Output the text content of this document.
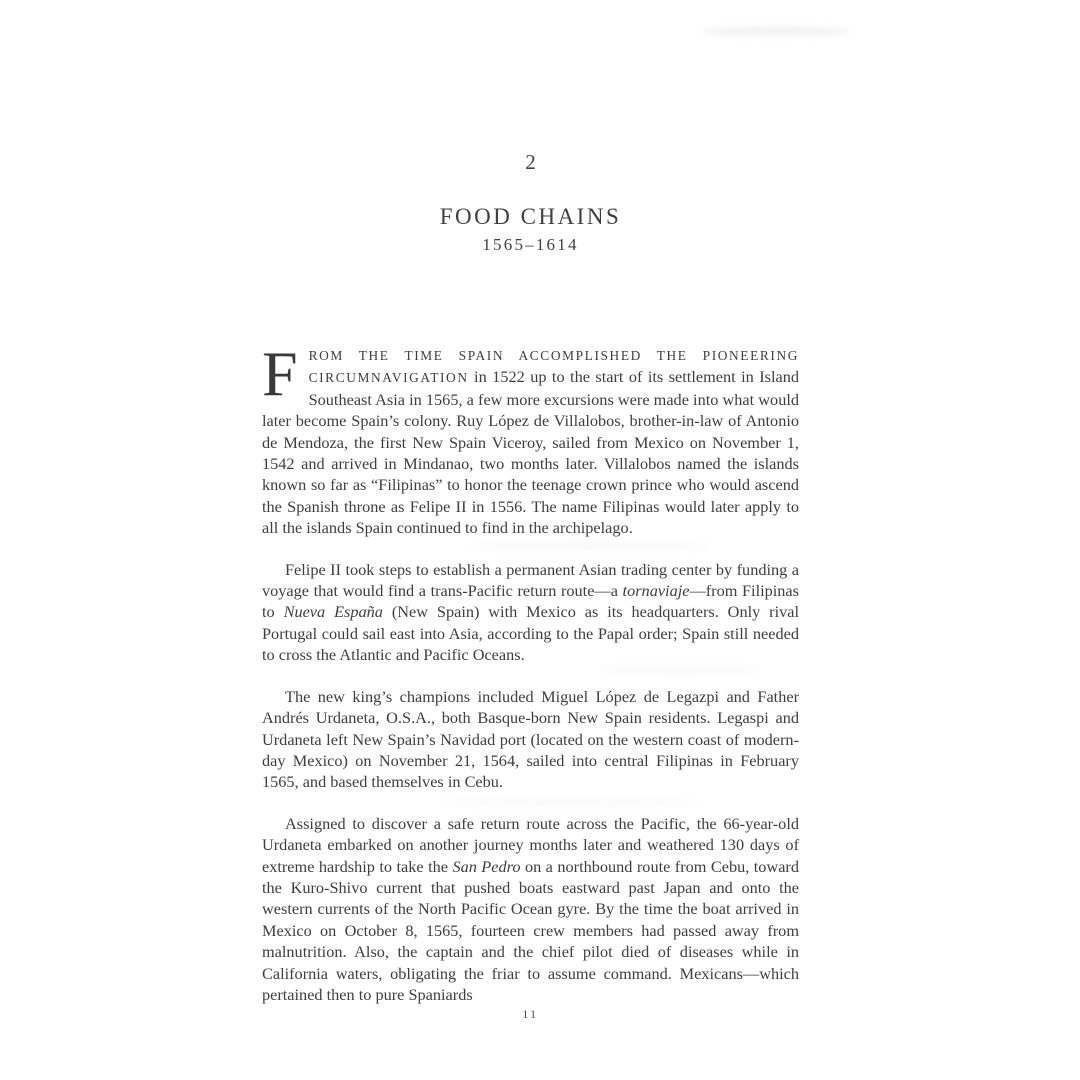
2
FOOD CHAINS
1565–1614

FROM THE TIME SPAIN ACCOMPLISHED THE PIONEERING CIRCUMNAVIGATION in 1522 up to the start of its settlement in Island Southeast Asia in 1565, a few more excursions were made into what would later become Spain’s colony. Ruy López de Villalobos, brother-in-law of Antonio de Mendoza, the first New Spain Viceroy, sailed from Mexico on November 1, 1542 and arrived in Mindanao, two months later. Villalobos named the islands known so far as “Filipinas” to honor the teenage crown prince who would ascend the Spanish throne as Felipe II in 1556. The name Filipinas would later apply to all the islands Spain continued to find in the archipelago.

Felipe II took steps to establish a permanent Asian trading center by funding a voyage that would find a trans-Pacific return route—a tornaviaje—from Filipinas to Nueva España (New Spain) with Mexico as its headquarters. Only rival Portugal could sail east into Asia, according to the Papal order; Spain still needed to cross the Atlantic and Pacific Oceans.

The new king’s champions included Miguel López de Legazpi and Father Andrés Urdaneta, O.S.A., both Basque-born New Spain residents. Legaspi and Urdaneta left New Spain’s Navidad port (located on the western coast of modern-day Mexico) on November 21, 1564, sailed into central Filipinas in February 1565, and based themselves in Cebu.

Assigned to discover a safe return route across the Pacific, the 66-year-old Urdaneta embarked on another journey months later and weathered 130 days of extreme hardship to take the San Pedro on a northbound route from Cebu, toward the Kuro-Shivo current that pushed boats eastward past Japan and onto the western currents of the North Pacific Ocean gyre. By the time the boat arrived in Mexico on October 8, 1565, fourteen crew members had passed away from malnutrition. Also, the captain and the chief pilot died of diseases while in California waters, obligating the friar to assume command. Mexicans—which pertained then to pure Spaniards

11
